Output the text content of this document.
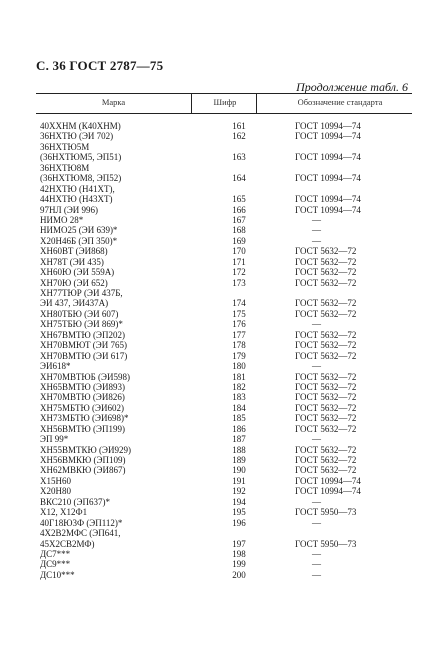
С. 36 ГОСТ 2787—75
Продолжение табл. 6
Марка	Шифр	Обозначение стандарта
40ХХНМ (К40ХНМ)	161	ГОСТ 10994—74
36НХТЮ (ЭИ 702)	162	ГОСТ 10994—74
36НХТЮ5М
(36НХТЮМ5, ЭП51)	163	ГОСТ 10994—74
36НХТЮ8М
(36НХТЮМ8, ЭП52)	164	ГОСТ 10994—74
42НХТЮ (Н41ХТ),
44НХТЮ (Н43ХТ)	165	ГОСТ 10994—74
97НЛ (ЭИ 996)	166	ГОСТ 10994—74
НИМО 28*	167	—
НИМО25 (ЭИ 639)*	168	—
Х20Н46Б (ЭП 350)*	169	—
ХН60ВТ (ЭИ868)	170	ГОСТ 5632—72
ХН78Т (ЭИ 435)	171	ГОСТ 5632—72
ХН60Ю (ЭИ 559А)	172	ГОСТ 5632—72
ХН70Ю (ЭИ 652)	173	ГОСТ 5632—72
ХН77ТЮР (ЭИ 437Б,
ЭИ 437, ЭИ437А)	174	ГОСТ 5632—72
ХН80ТБЮ (ЭИ 607)	175	ГОСТ 5632—72
ХН75ТБЮ (ЭИ 869)*	176	—
ХН67ВМТЮ (ЭП202)	177	ГОСТ 5632—72
ХН70ВМЮТ (ЭИ 765)	178	ГОСТ 5632—72
ХН70ВМТЮ (ЭИ 617)	179	ГОСТ 5632—72
ЭИ618*	180	—
ХН70МВТЮБ (ЭИ598)	181	ГОСТ 5632—72
ХН65ВМТЮ (ЭИ893)	182	ГОСТ 5632—72
ХН70МВТЮ (ЭИ826)	183	ГОСТ 5632—72
ХН75МБТЮ (ЭИ602)	184	ГОСТ 5632—72
ХН73МБТЮ (ЭИ698)*	185	ГОСТ 5632—72
ХН56ВМТЮ (ЭП199)	186	ГОСТ 5632—72
ЭП 99*	187	—
ХН55ВМТКЮ (ЭИ929)	188	ГОСТ 5632—72
ХН56ВМКЮ (ЭП109)	189	ГОСТ 5632—72
ХН62МВКЮ (ЭИ867)	190	ГОСТ 5632—72
Х15Н60	191	ГОСТ 10994—74
Х20Н80	192	ГОСТ 10994—74
ВКС210 (ЭП637)*	194	—
Х12, Х12Ф1	195	ГОСТ 5950—73
40Г18Ю3Ф (ЭП112)*	196	—
4Х2В2МФС (ЭП641,
45Х2СВ2МФ)	197	ГОСТ 5950—73
ДС7***	198	—
ДС9***	199	—
ДС10***	200	—
